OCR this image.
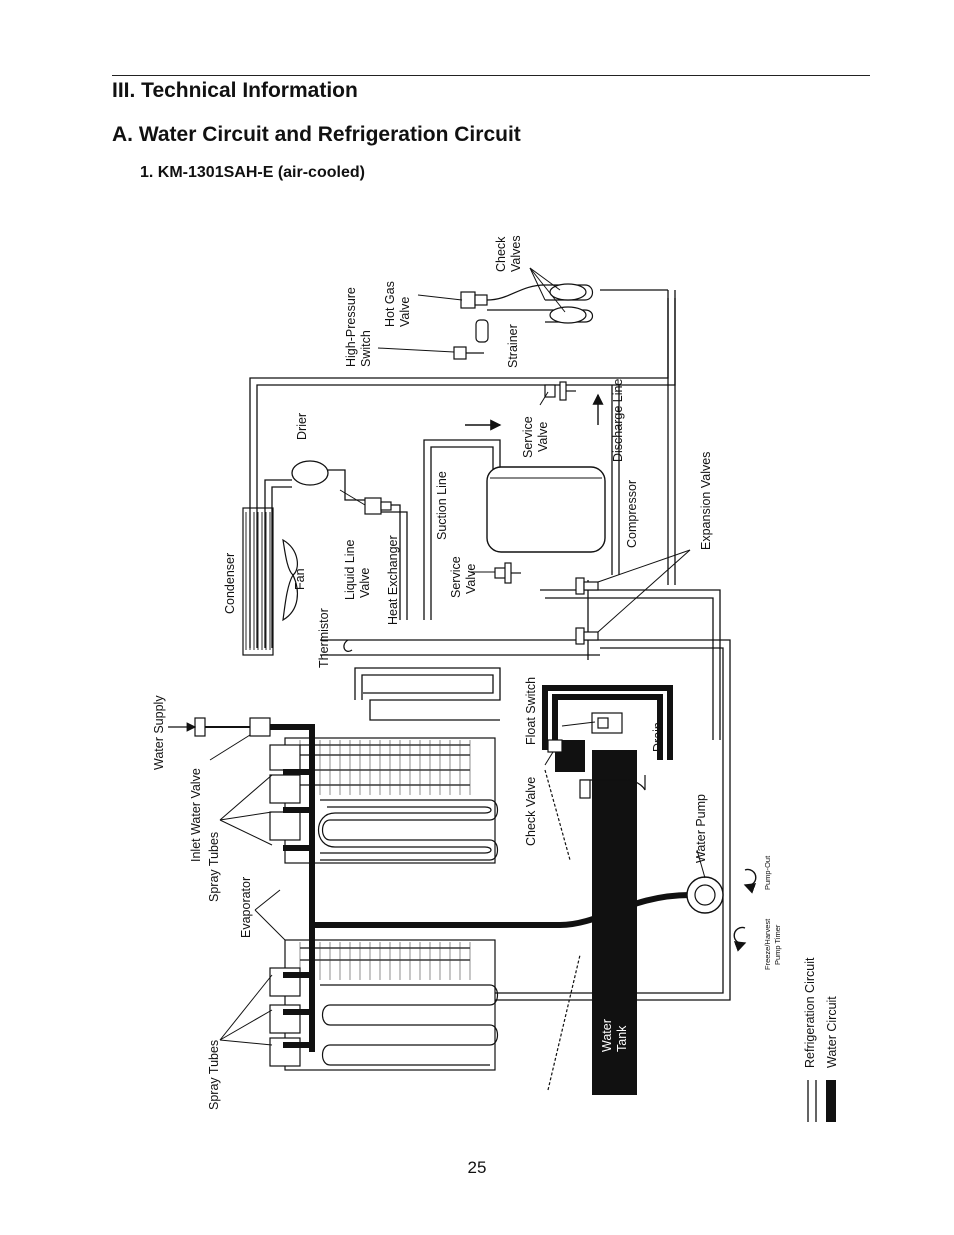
III. Technical Information
A. Water Circuit and Refrigeration Circuit
1. KM-1301SAH-E (air-cooled)
Check Valves
Hot Gas Valve
High-Pressure Switch	Strainer
Drier	Service Valve	Discharge Line
Suction Line	Compressor	Expansion Valves
Condenser	Fan	Liquid Line Valve Heat Exchanger	Service Valve
Thermistor
Water Supply	Float Switch	Drain
Inlet Water Valve
Spray Tubes
Check Valve	Water Pump
Evaporator
Pump-Out
Freeze/Harvest Pump Timer
Water Tank
Spray Tubes
Refrigeration Circuit Water Circuit
25
